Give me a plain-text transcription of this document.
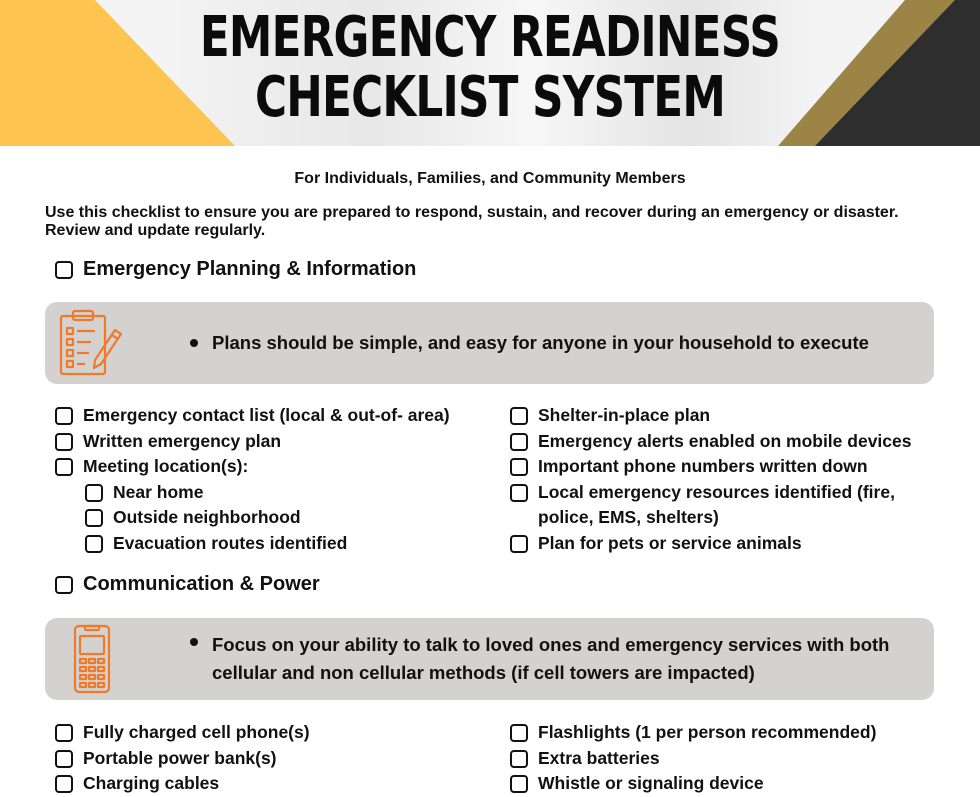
EMERGENCY READINESS
CHECKLIST SYSTEM
For Individuals, Families, and Community Members
Use this checklist to ensure you are prepared to respond, sustain, and recover during an emergency or disaster. Review and update regularly.
Emergency Planning & Information
Plans should be simple, and easy for anyone in your household to execute
Emergency contact list (local & out-of- area)
Written emergency plan
Meeting location(s):
Near home
Outside neighborhood
Evacuation routes identified
Shelter-in-place plan
Emergency alerts enabled on mobile devices
Important phone numbers written down
Local emergency resources identified (fire, police, EMS, shelters)
Plan for pets or service animals
Communication & Power
Focus on your ability to talk to loved ones and emergency services with both cellular and non cellular methods (if cell towers are impacted)
Fully charged cell phone(s)
Portable power bank(s)
Charging cables
Flashlights (1 per person recommended)
Extra batteries
Whistle or signaling device
